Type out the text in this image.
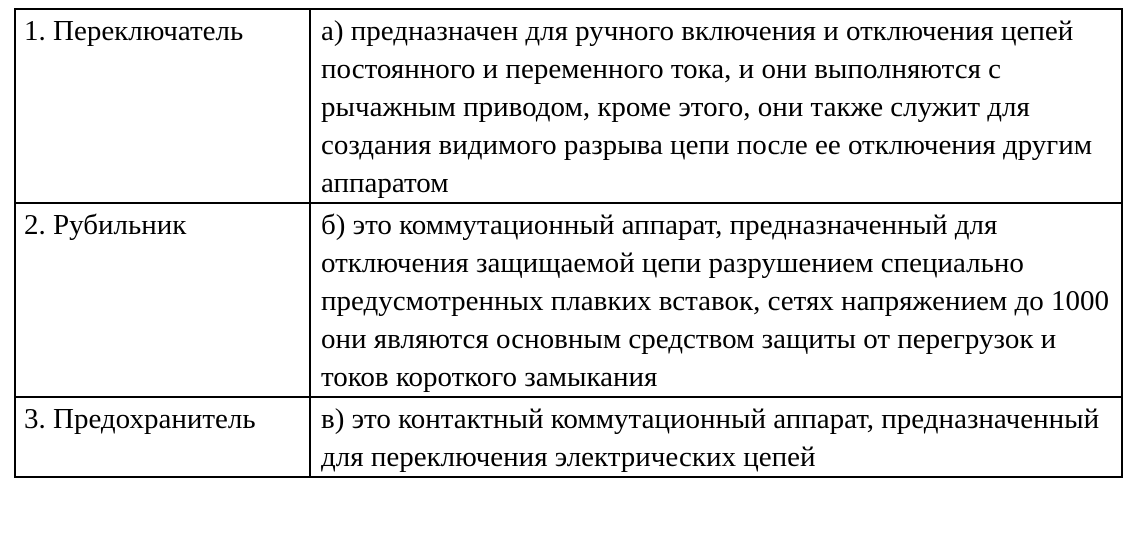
1. Переключатель	а) предназначен для ручного включения и отключения цепей постоянного и переменного тока, и они выполняются с рычажным приводом, кроме этого, они также служит для создания видимого разрыва цепи после ее отключения другим аппаратом
2. Рубильник	б) это коммутационный аппарат, предназначенный для отключения защищаемой цепи разрушением специально предусмотренных плавких вставок, сетях напряжением до 1000 они являются основным средством защиты от перегрузок и токов короткого замыкания
3. Предохранитель	в) это контактный коммутационный аппарат, предназначенный для переключения электрических цепей
